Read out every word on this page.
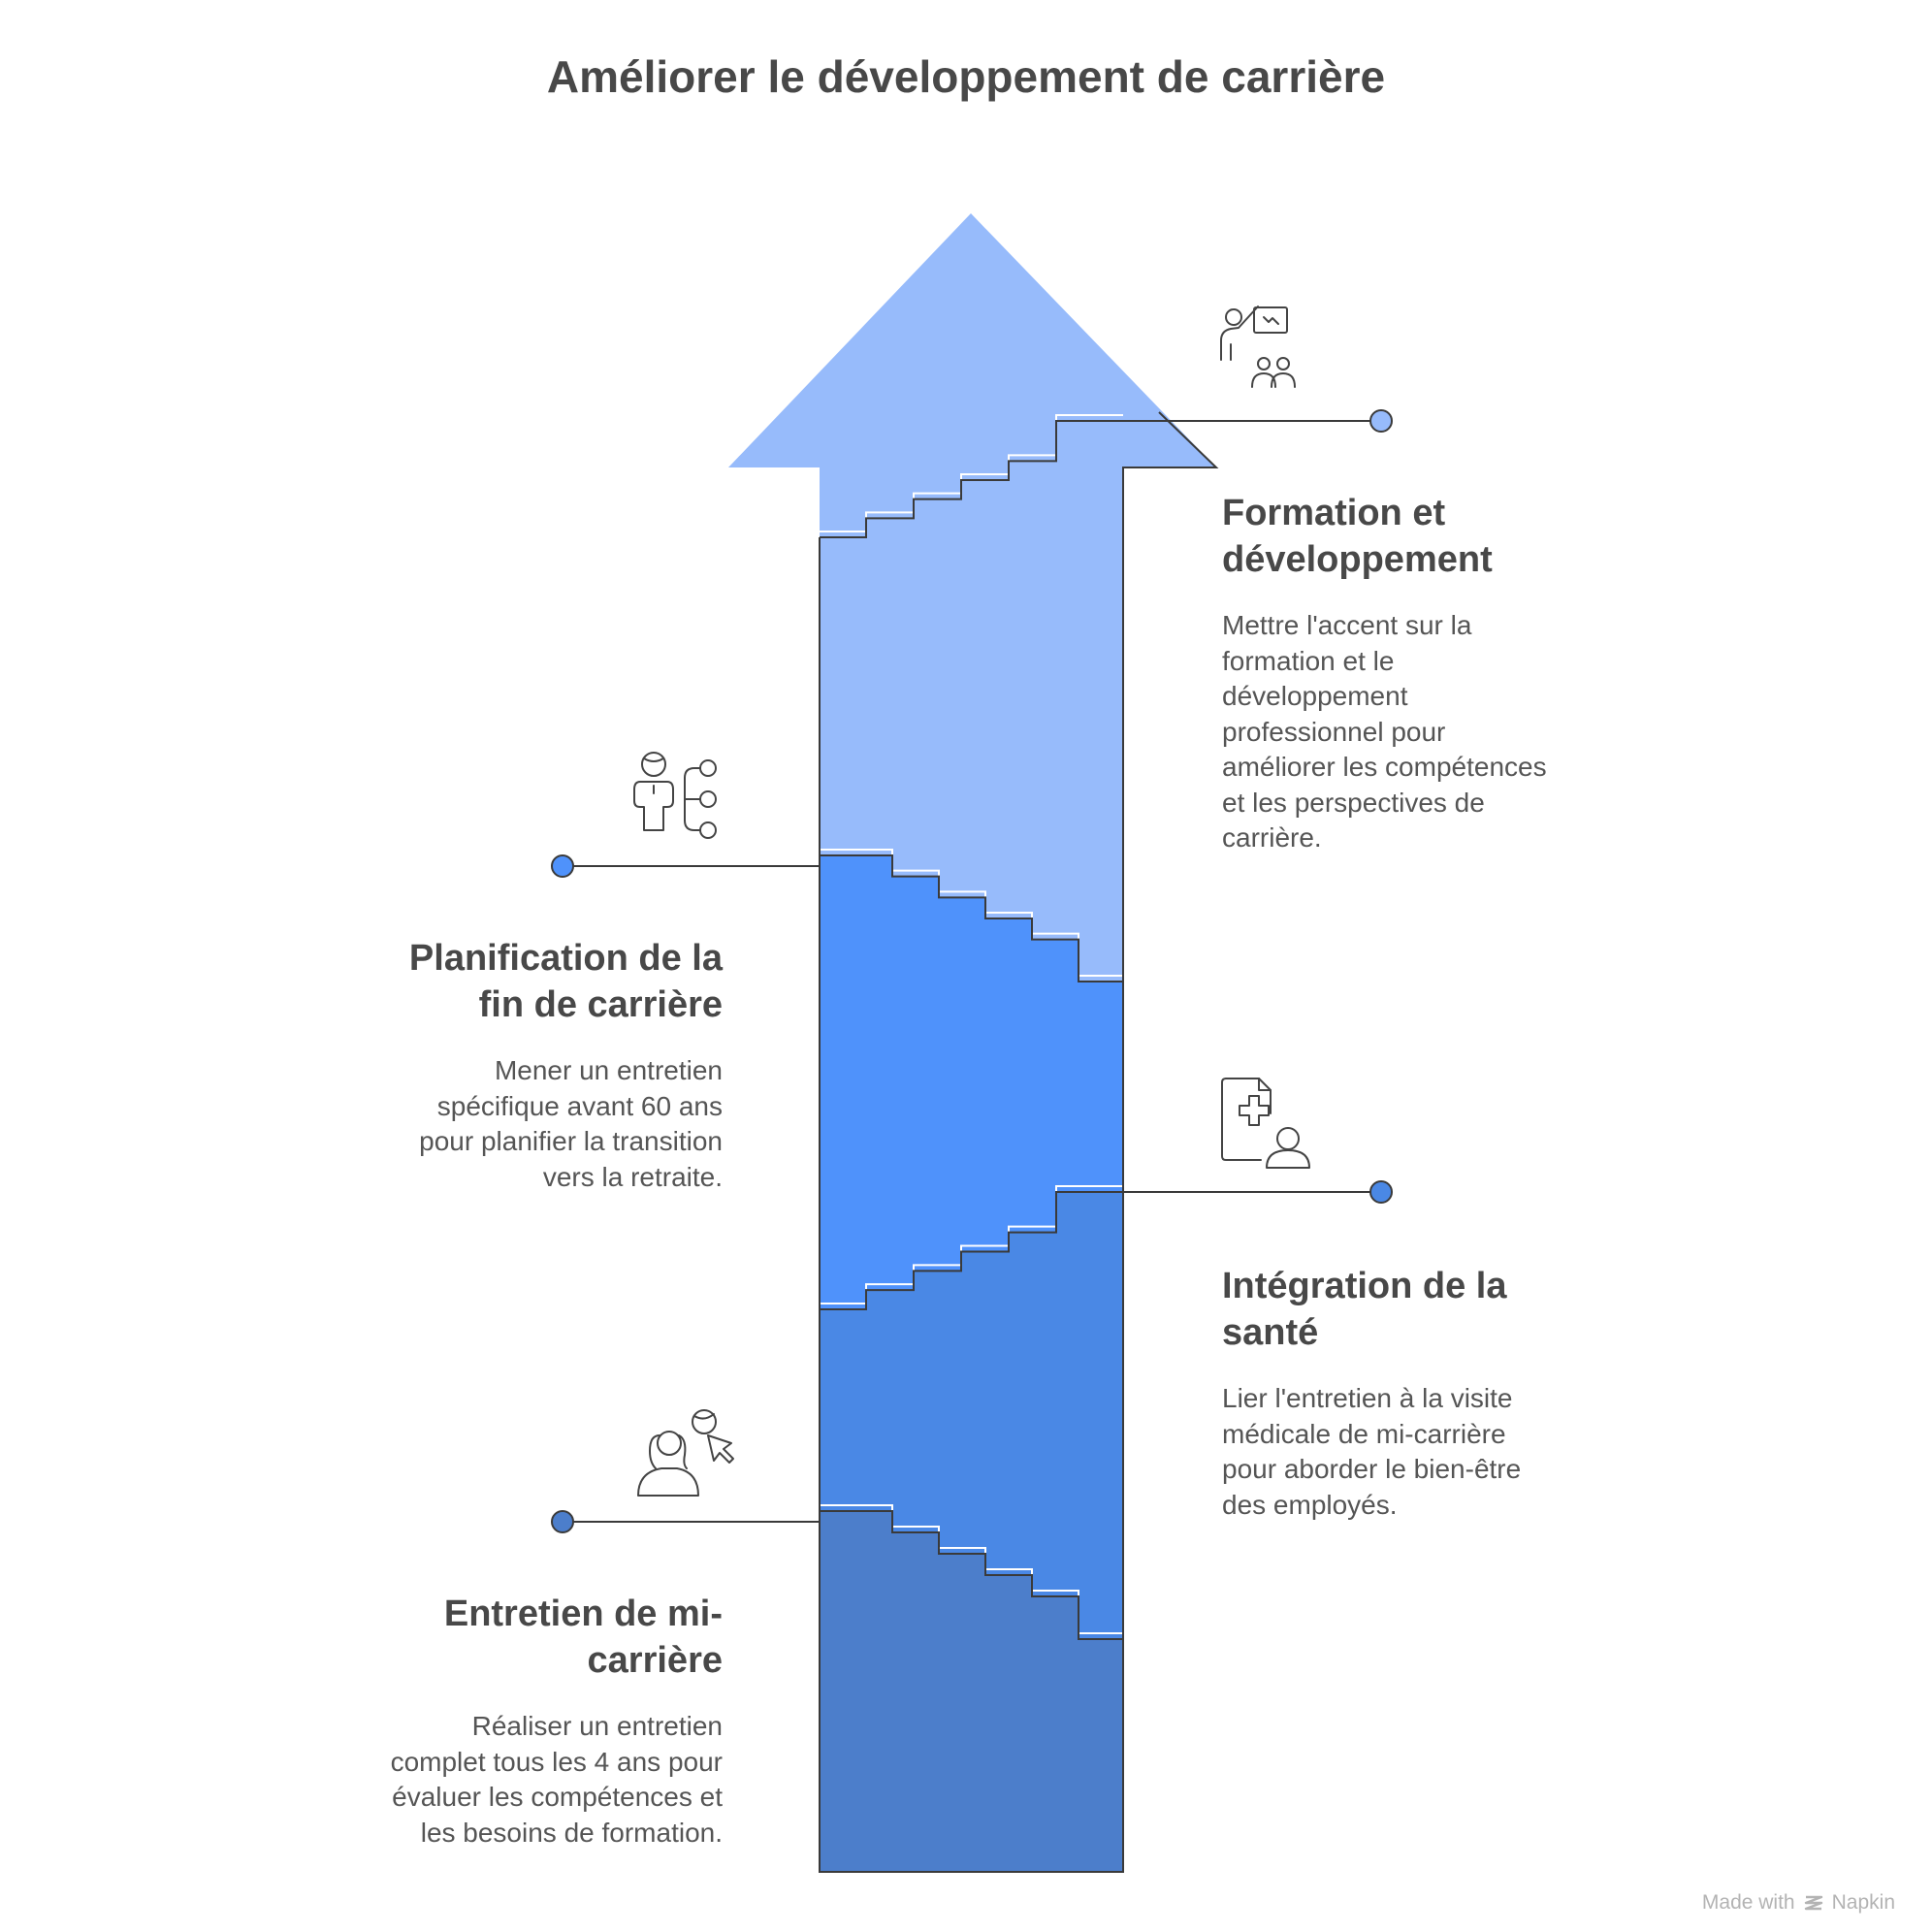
Améliorer le développement de carrière
Formation et
développement
Mettre l'accent sur la
formation et le
développement
professionnel pour
améliorer les compétences
et les perspectives de
carrière.
Planification de la
fin de carrière
Mener un entretien
spécifique avant 60 ans
pour planifier la transition
vers la retraite.
Intégration de la
santé
Lier l'entretien à la visite
médicale de mi-carrière
pour aborder le bien-être
des employés.
Entretien de mi-
carrière
Réaliser un entretien
complet tous les 4 ans pour
évaluer les compétences et
les besoins de formation.
Made with Napkin
